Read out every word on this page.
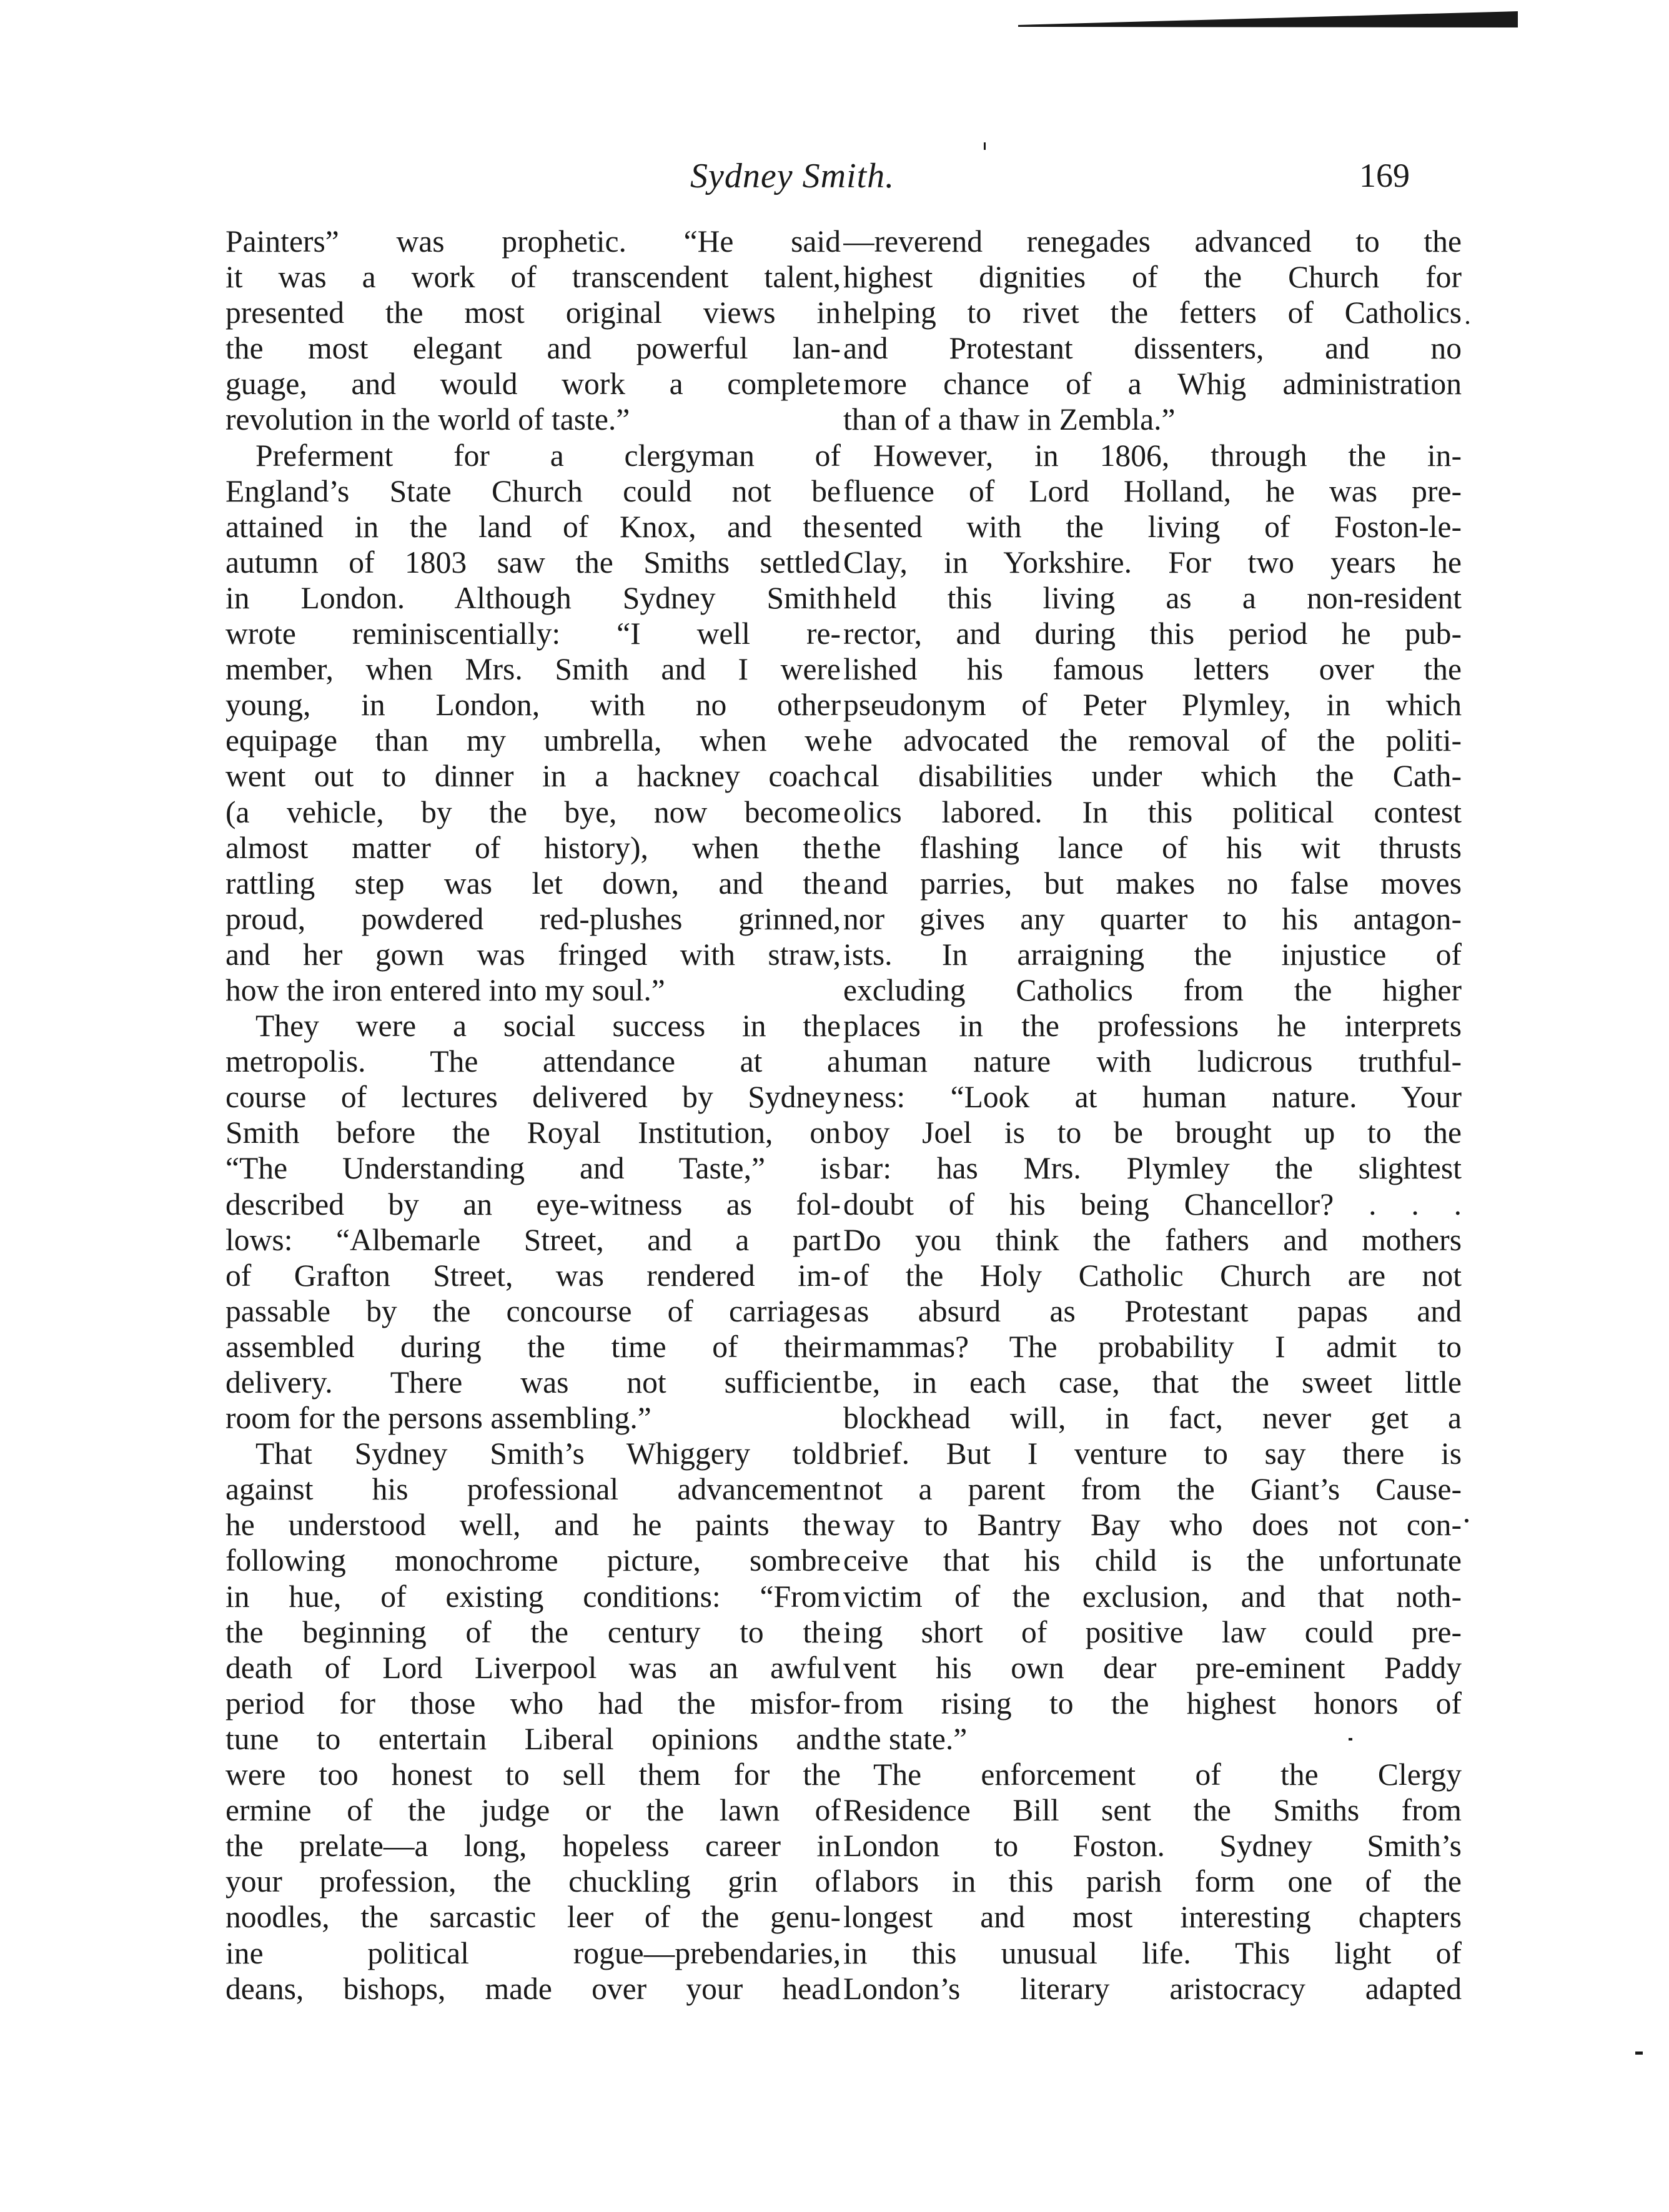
Sydney Smith.	169
Painters” was prophetic. “He said
it was a work of transcendent talent,
presented the most original views in
the most elegant and powerful lan-
guage, and would work a complete
revolution in the world of taste.”
Preferment for a clergyman of
England’s State Church could not be
attained in the land of Knox, and the
autumn of 1803 saw the Smiths settled
in London. Although Sydney Smith
wrote reminiscentially: “I well re-
member, when Mrs. Smith and I were
young, in London, with no other
equipage than my umbrella, when we
went out to dinner in a hackney coach
(a vehicle, by the bye, now become
almost matter of history), when the
rattling step was let down, and the
proud, powdered red-plushes grinned,
and her gown was fringed with straw,
how the iron entered into my soul.”
They were a social success in the
metropolis. The attendance at a
course of lectures delivered by Sydney
Smith before the Royal Institution, on
“The Understanding and Taste,” is
described by an eye-witness as fol-
lows: “Albemarle Street, and a part
of Grafton Street, was rendered im-
passable by the concourse of carriages
assembled during the time of their
delivery. There was not sufficient
room for the persons assembling.”
That Sydney Smith’s Whiggery told
against his professional advancement
he understood well, and he paints the
following monochrome picture, sombre
in hue, of existing conditions: “From
the beginning of the century to the
death of Lord Liverpool was an awful
period for those who had the misfor-
tune to entertain Liberal opinions and
were too honest to sell them for the
ermine of the judge or the lawn of
the prelate—a long, hopeless career in
your profession, the chuckling grin of
noodles, the sarcastic leer of the genu-
ine political rogue—prebendaries,
deans, bishops, made over your head
—reverend renegades advanced to the
highest dignities of the Church for
helping to rivet the fetters of Catholics
and Protestant dissenters, and no
more chance of a Whig administration
than of a thaw in Zembla.”
However, in 1806, through the in-
fluence of Lord Holland, he was pre-
sented with the living of Foston-le-
Clay, in Yorkshire. For two years he
held this living as a non-resident
rector, and during this period he pub-
lished his famous letters over the
pseudonym of Peter Plymley, in which
he advocated the removal of the politi-
cal disabilities under which the Cath-
olics labored. In this political contest
the flashing lance of his wit thrusts
and parries, but makes no false moves
nor gives any quarter to his antagon-
ists. In arraigning the injustice of
excluding Catholics from the higher
places in the professions he interprets
human nature with ludicrous truthful-
ness: “Look at human nature. Your
boy Joel is to be brought up to the
bar: has Mrs. Plymley the slightest
doubt of his being Chancellor? . . .
Do you think the fathers and mothers
of the Holy Catholic Church are not
as absurd as Protestant papas and
mammas? The probability I admit to
be, in each case, that the sweet little
blockhead will, in fact, never get a
brief. But I venture to say there is
not a parent from the Giant’s Cause-
way to Bantry Bay who does not con-
ceive that his child is the unfortunate
victim of the exclusion, and that noth-
ing short of positive law could pre-
vent his own dear pre-eminent Paddy
from rising to the highest honors of
the state.”
The enforcement of the Clergy
Residence Bill sent the Smiths from
London to Foston. Sydney Smith’s
labors in this parish form one of the
longest and most interesting chapters
in this unusual life. This light of
London’s literary aristocracy adapted
